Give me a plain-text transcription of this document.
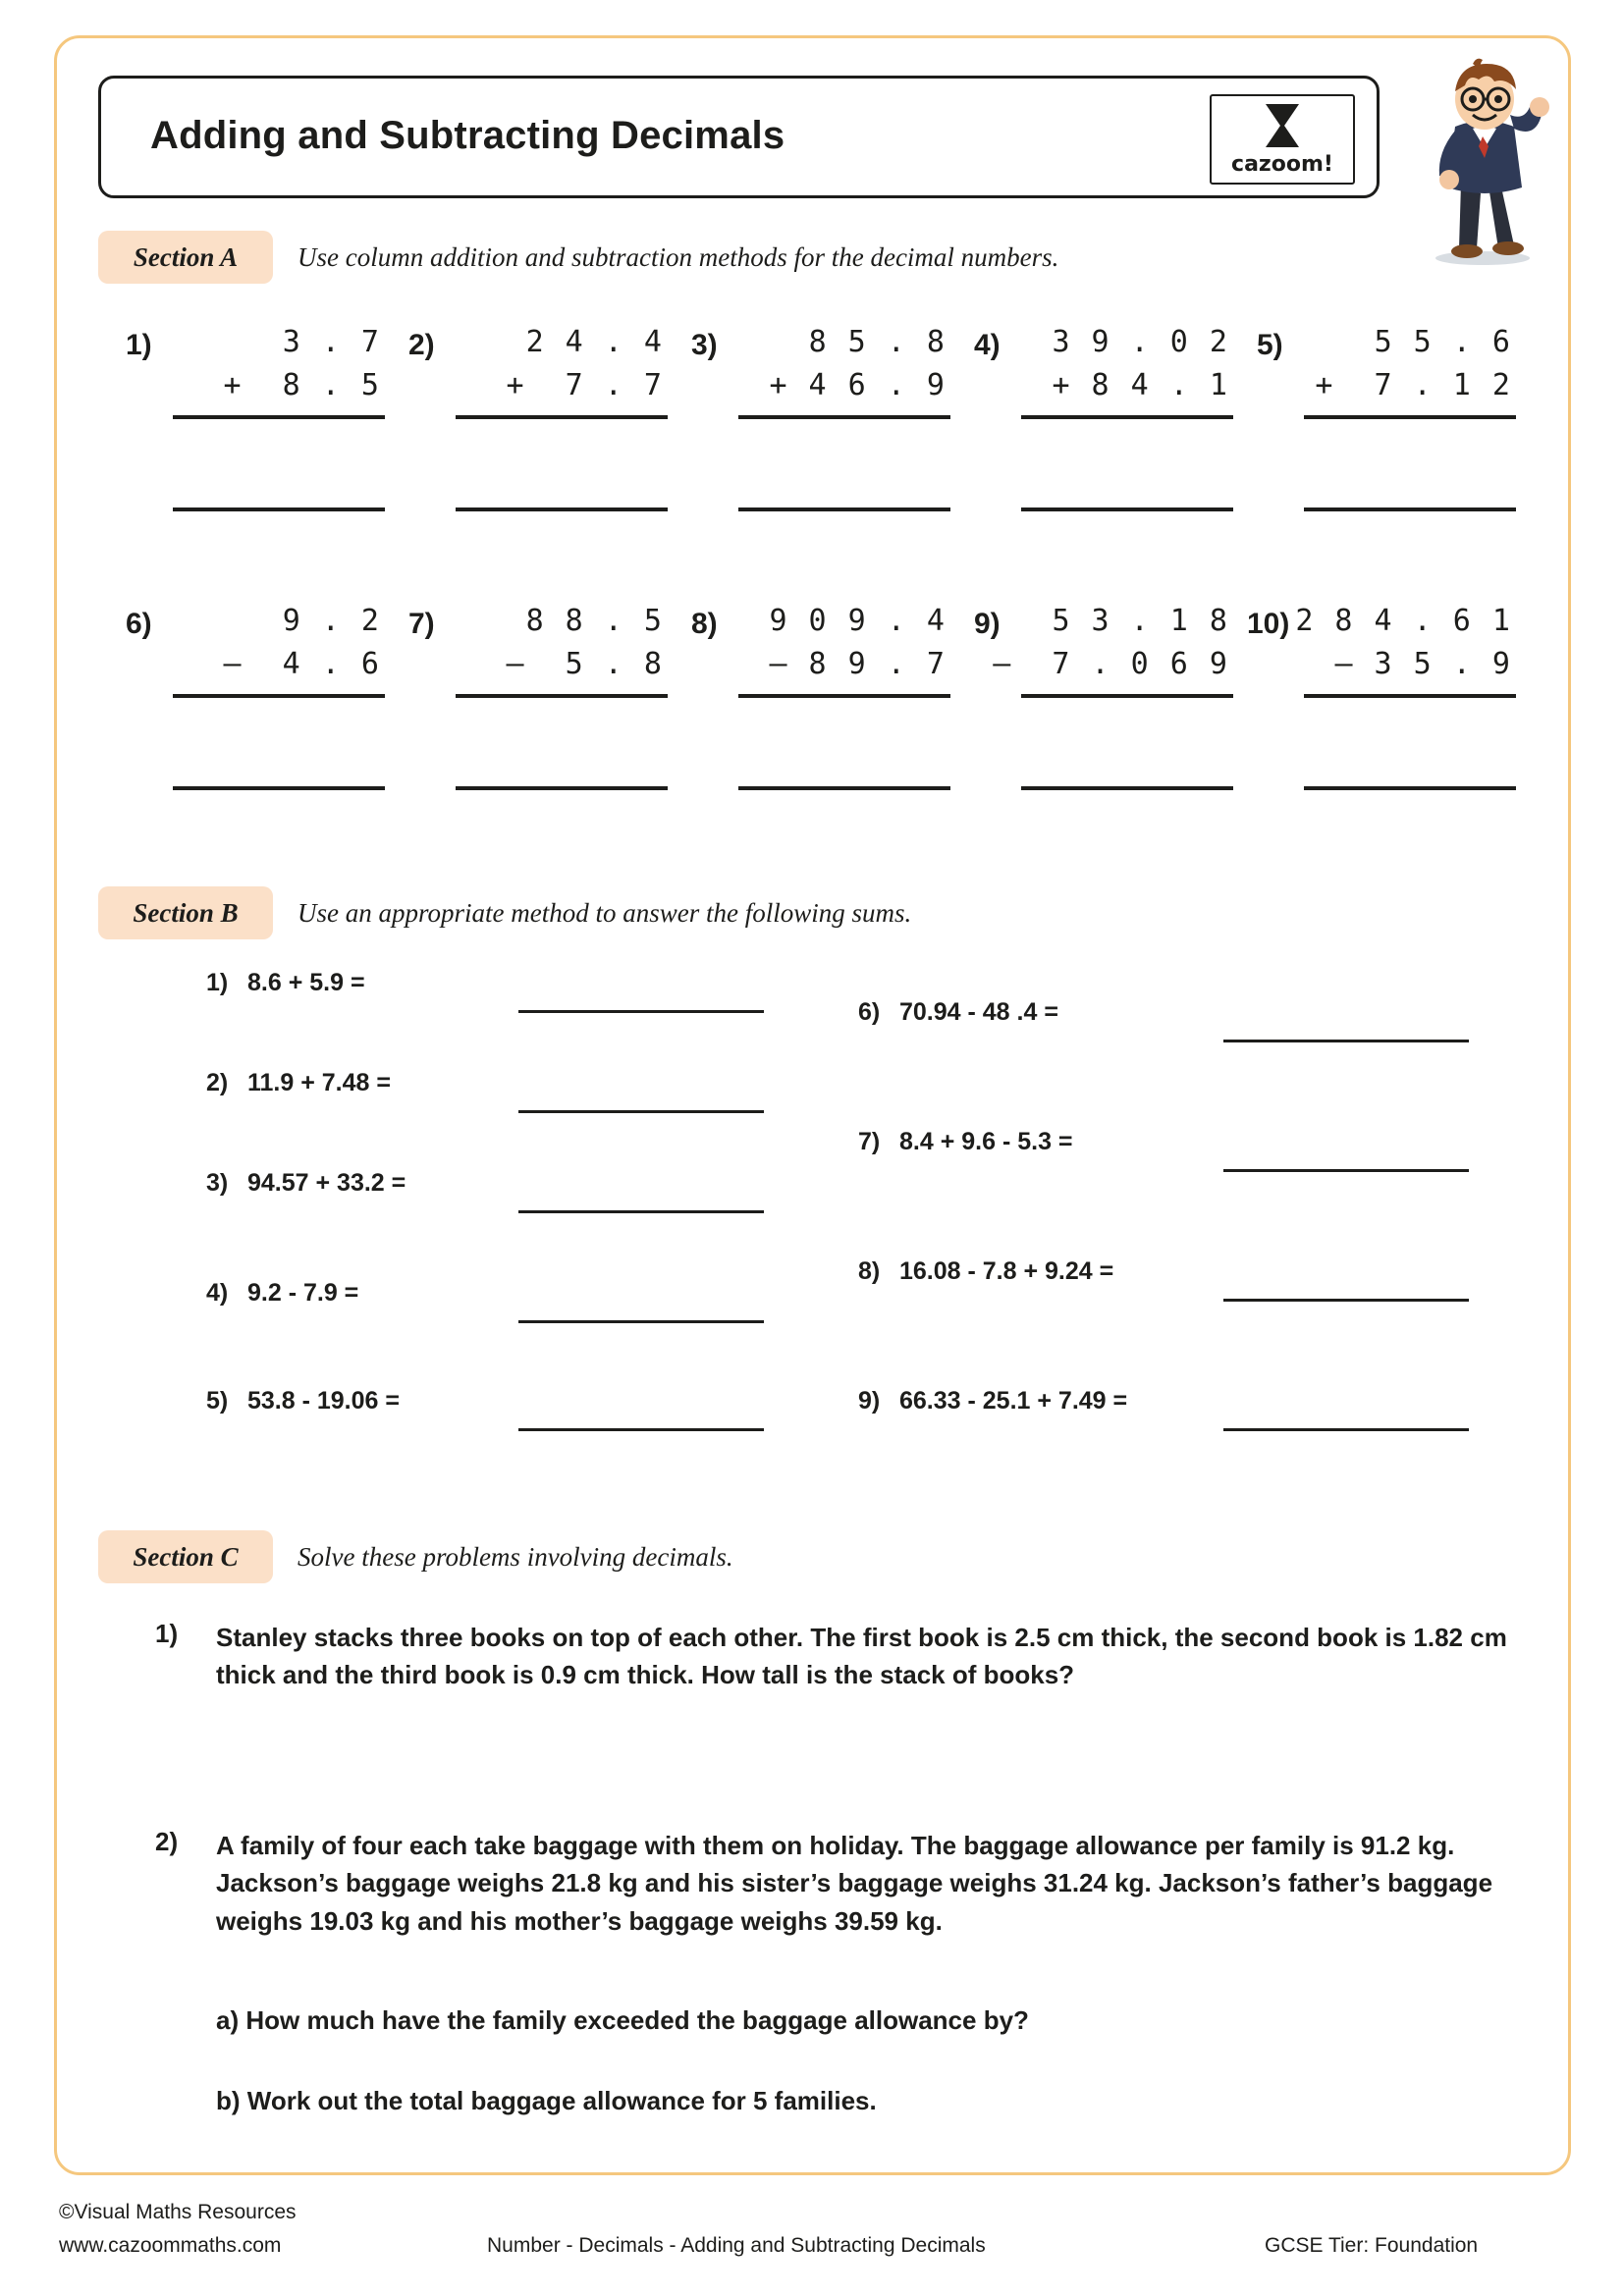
Adding and Subtracting Decimals
cazoom!
Section A Use column addition and subtraction methods for the decimal numbers.
1)	3 . 7
+  8 . 5
2)	2 4 . 4
+  7 . 7
3)	8 5 . 8
+ 4 6 . 9
4) 3 9 . 0 2
+ 8 4 . 1
5)	5 5 . 6
+  7 . 1 2
6)	9 . 2
–  4 . 6
7)	8 8 . 5
–  5 . 8
8) 9 0 9 . 4
– 8 9 . 7
9) 5 3 . 1 8
–  7 . 0 6 9
10) 2 8 4 . 6 1
– 3 5 . 9
Section B Use an appropriate method to answer the following sums.
1) 8.6 + 5.9 =
2) 11.9 + 7.48 =
3) 94.57 + 33.2 =
4) 9.2 - 7.9 =
5) 53.8 - 19.06 =
6) 70.94 - 48 .4 =
7) 8.4 + 9.6 - 5.3 =
8) 16.08 - 7.8 + 9.24 =
9) 66.33 - 25.1 + 7.49 =
Section C Solve these problems involving decimals.
1) Stanley stacks three books on top of each other. The first book is 2.5 cm thick, the second book is 1.82 cm thick and the third book is 0.9 cm thick. How tall is the stack of books?
2) A family of four each take baggage with them on holiday. The baggage allowance per family is 91.2 kg. Jackson’s baggage weighs 21.8 kg and his sister’s baggage weighs 31.24 kg. Jackson’s father’s baggage weighs 19.03 kg and his mother’s baggage weighs 39.59 kg.
a) How much have the family exceeded the baggage allowance by?
b) Work out the total baggage allowance for 5 families.
©Visual Maths Resources
www.cazoommaths.com	Number - Decimals - Adding and Subtracting Decimals	GCSE Tier: Foundation
